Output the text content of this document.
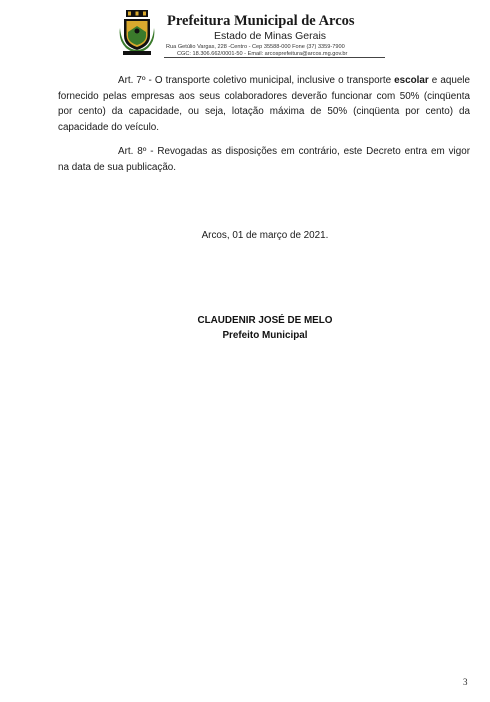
Prefeitura Municipal de Arcos
Estado de Minas Gerais
Rua Getúlio Vargas, 228 -Centro - Cep 35588-000 Fone (37) 3359-7900
CGC: 18.306.662/0001-50 - Email: arcosprefeitura@arcos.mg.gov.br
Art. 7º - O transporte coletivo municipal, inclusive o transporte escolar e aquele fornecido pelas empresas aos seus colaboradores deverão funcionar com 50% (cinqüenta por cento) da capacidade, ou seja, lotação máxima de 50% (cinqüenta por cento) da capacidade do veículo.
Art. 8º - Revogadas as disposições em contrário, este Decreto entra em vigor na data de sua publicação.
Arcos, 01 de março de 2021.
CLAUDENIR JOSÉ DE MELO
Prefeito Municipal
3
